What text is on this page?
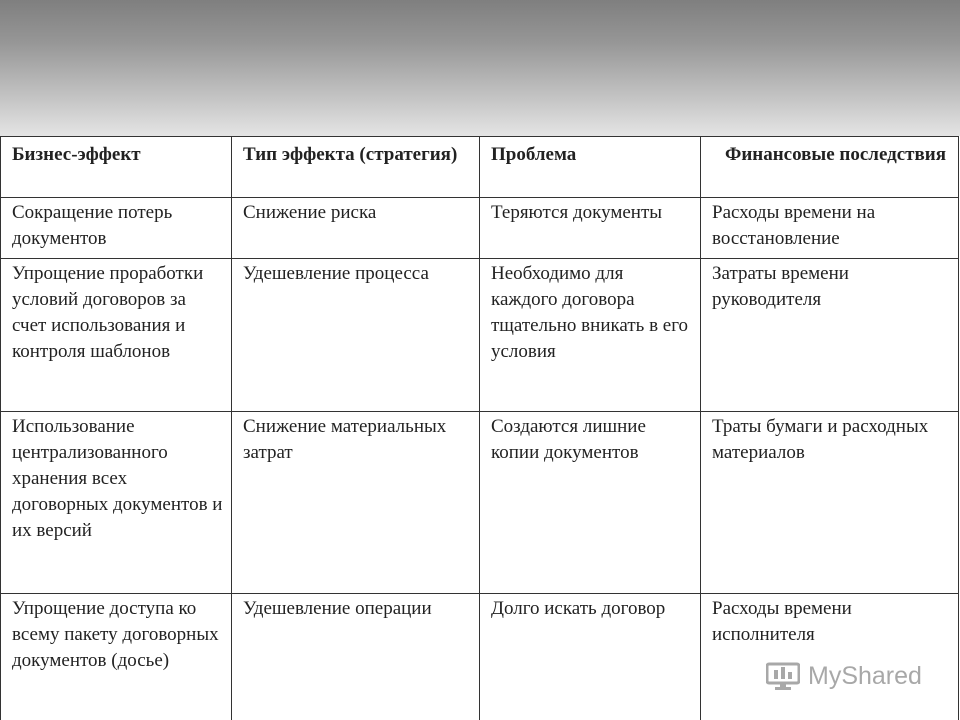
Бизнес-эффект	Тип эффекта (стратегия)	Проблема	Финансовые последствия
Сокращение потерь документов	Снижение риска	Теряются документы	Расходы времени на восстановление
Упрощение проработки условий договоров за счет использования и контроля шаблонов	Удешевление процесса	Необходимо для каждого договора тщательно вникать в его условия	Затраты времени руководителя
Использование централизованного хранения всех договорных документов и их версий	Снижение материальных затрат	Создаются лишние копии документов	Траты бумаги и расходных материалов
Упрощение доступа ко всему пакету договорных документов (досье)	Удешевление операции	Долго искать договор	Расходы времени исполнителя
MyShared
